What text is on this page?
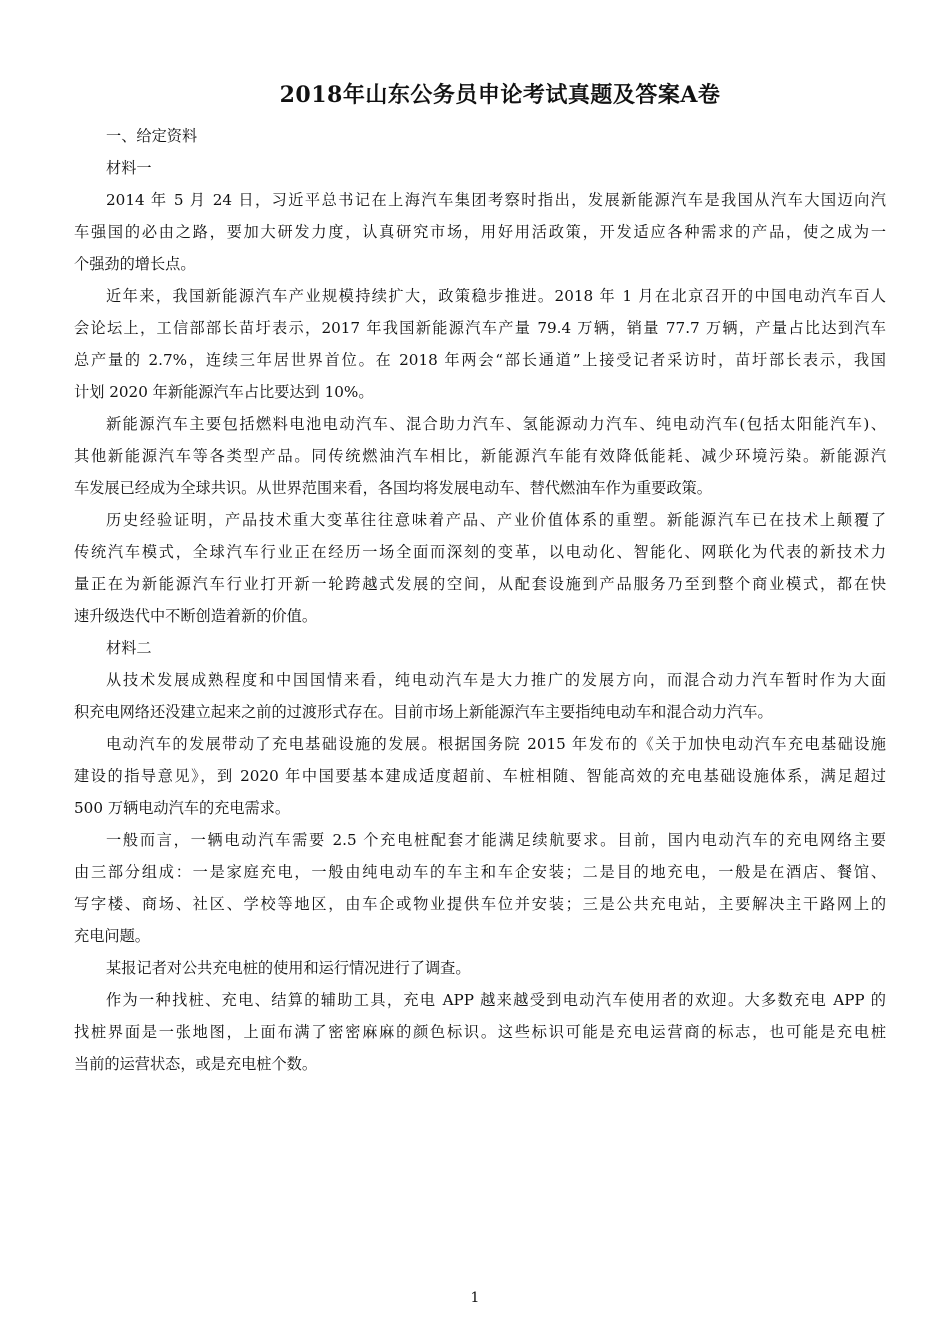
2018年山东公务员申论考试真题及答案A卷
一、给定资料
材料一
2014 年 5 月 24 日，习近平总书记在上海汽车集团考察时指出，发展新能源汽车是我国从汽车大国迈向汽
车强国的必由之路，要加大研发力度，认真研究市场，用好用活政策，开发适应各种需求的产品，使之成为一
个强劲的增长点。
近年来，我国新能源汽车产业规模持续扩大，政策稳步推进。2018 年 1 月在北京召开的中国电动汽车百人
会论坛上，工信部部长苗圩表示，2017 年我国新能源汽车产量 79.4 万辆，销量 77.7 万辆，产量占比达到汽车
总产量的 2.7%，连续三年居世界首位。在 2018 年两会“部长通道”上接受记者采访时，苗圩部长表示，我国
计划 2020 年新能源汽车占比要达到 10%。
新能源汽车主要包括燃料电池电动汽车、混合助力汽车、氢能源动力汽车、纯电动汽车(包括太阳能汽车)、
其他新能源汽车等各类型产品。同传统燃油汽车相比，新能源汽车能有效降低能耗、减少环境污染。新能源汽
车发展已经成为全球共识。从世界范围来看，各国均将发展电动车、替代燃油车作为重要政策。
历史经验证明，产品技术重大变革往往意味着产品、产业价值体系的重塑。新能源汽车已在技术上颠覆了
传统汽车模式，全球汽车行业正在经历一场全面而深刻的变革，以电动化、智能化、网联化为代表的新技术力
量正在为新能源汽车行业打开新一轮跨越式发展的空间，从配套设施到产品服务乃至到整个商业模式，都在快
速升级迭代中不断创造着新的价值。
材料二
从技术发展成熟程度和中国国情来看，纯电动汽车是大力推广的发展方向，而混合动力汽车暂时作为大面
积充电网络还没建立起来之前的过渡形式存在。目前市场上新能源汽车主要指纯电动车和混合动力汽车。
电动汽车的发展带动了充电基础设施的发展。根据国务院 2015 年发布的《关于加快电动汽车充电基础设施
建设的指导意见》，到 2020 年中国要基本建成适度超前、车桩相随、智能高效的充电基础设施体系，满足超过
500 万辆电动汽车的充电需求。
一般而言，一辆电动汽车需要 2.5 个充电桩配套才能满足续航要求。目前，国内电动汽车的充电网络主要
由三部分组成：一是家庭充电，一般由纯电动车的车主和车企安装；二是目的地充电，一般是在酒店、餐馆、
写字楼、商场、社区、学校等地区，由车企或物业提供车位并安装；三是公共充电站，主要解决主干路网上的
充电问题。
某报记者对公共充电桩的使用和运行情况进行了调查。
作为一种找桩、充电、结算的辅助工具，充电 APP 越来越受到电动汽车使用者的欢迎。大多数充电 APP 的
找桩界面是一张地图，上面布满了密密麻麻的颜色标识。这些标识可能是充电运营商的标志，也可能是充电桩
当前的运营状态，或是充电桩个数。
1
